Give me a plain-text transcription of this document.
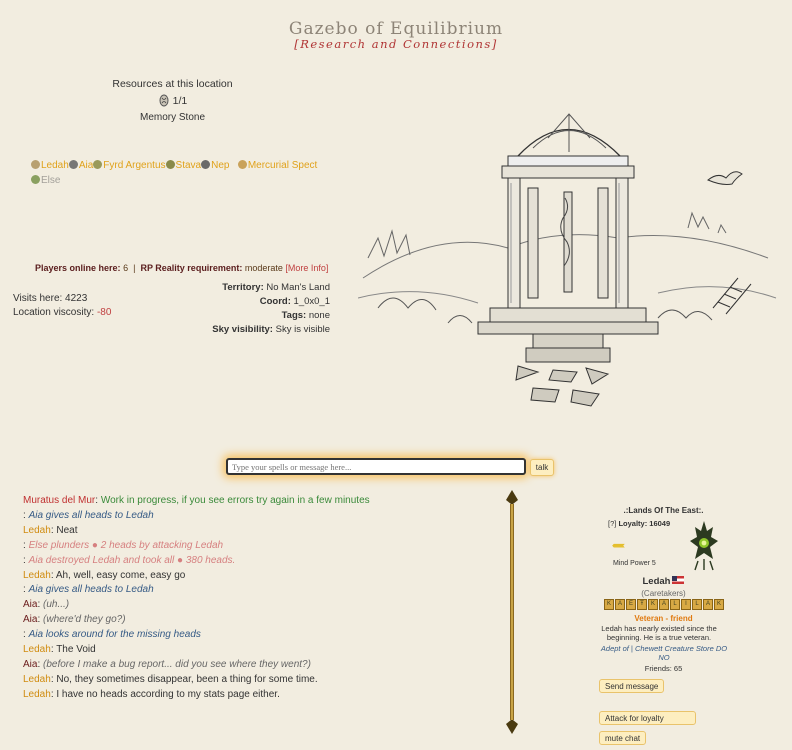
Gazebo of Equilibrium
[Research and Connections]
Resources at this location
1/1
Memory Stone
Ledah Aia Fyrd Argentus Stava Nep Mercurial Spect
Else
Players online here: 6 | RP Reality requirement: moderate [More Info]
Visits here: 4223
Location viscosity: -80
Territory: No Man's Land
Coord: 1_0x0_1
Tags: none
Sky visibility: Sky is visible
Type your spells or message here...
talk
Muratus del Mur: Work in progress, if you see errors try again in a few minutes
: Aia gives all heads to Ledah
Ledah: Neat
: Else plunders ● 2 heads by attacking Ledah
: Aia destroyed Ledah and took all ● 380 heads.
Ledah: Ah, well, easy come, easy go
: Aia gives all heads to Ledah
Aia: (uh...)
Aia: (where'd they go?)
: Aia looks around for the missing heads
Ledah: The Void
Aia: (before I make a bug report... did you see where they went?)
Ledah: No, they sometimes disappear, been a thing for some time.
Ledah: I have no heads according to my stats page either.
.:Lands Of The East:.
[?] Loyalty: 16049
‹‹‹‹‹‹‹‹‹‹‹
Mind Power 5
Ledah
(Caretakers)
K	A	E	Ŧ	K	A	L	I	L	A	K
Veteran - friend
Ledah has nearly existed since the beginning. He is a true veteran.
Adept of | Chewett Creature Store DO NO
Friends: 65
Send message
Attack for loyalty
mute chat
